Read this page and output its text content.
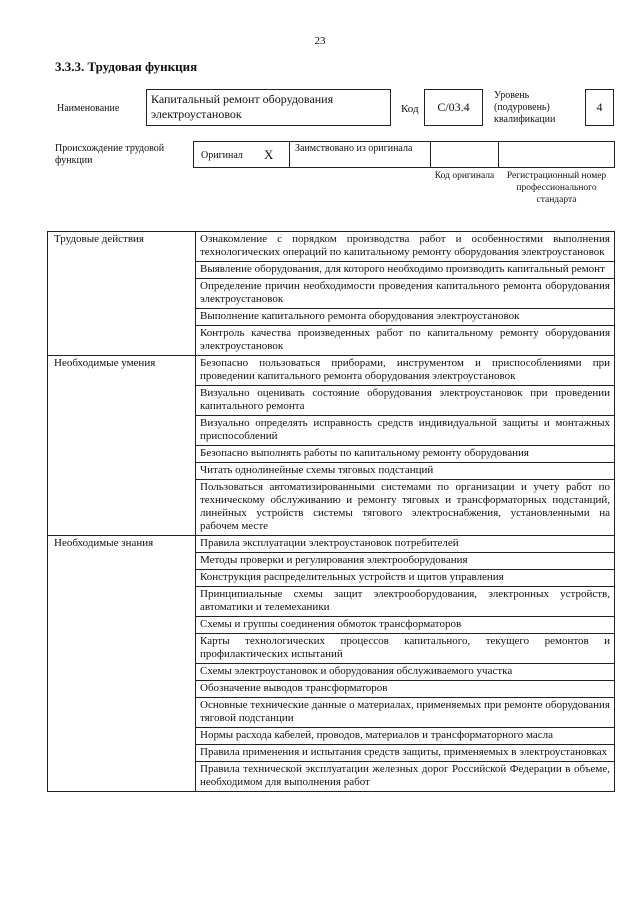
23
3.3.3. Трудовая функция
Наименование
Капитальный ремонт оборудования электроустановок	Код	С/03.4
Уровень (подуровень) квалификации
4
Происхождение трудовой функции	Оригинал X Заимствовано из оригинала
Код оригинала	Регистрационный номер профессионального стандарта
Трудовые действия	Ознакомление с порядком производства работ и особенностями выполнения технологических операций по капитальному ремонту оборудования электроустановок
	Выявление оборудования, для которого необходимо производить капитальный ремонт
	Определение причин необходимости проведения капитального ремонта оборудования электроустановок
	Выполнение капитального ремонта оборудования электроустановок
	Контроль качества произведенных работ по капитальному ремонту оборудования электроустановок
Необходимые умения	Безопасно пользоваться приборами, инструментом и приспособлениями при проведении капитального ремонта оборудования электроустановок
	Визуально оценивать состояние оборудования электроустановок при проведении капитального ремонта
	Визуально определять исправность средств индивидуальной защиты и монтажных приспособлений
	Безопасно выполнять работы по капитальному ремонту оборудования
	Читать однолинейные схемы тяговых подстанций
	Пользоваться автоматизированными системами по организации и учету работ по техническому обслуживанию и ремонту тяговых и трансформаторных подстанций, линейных устройств системы тягового электроснабжения, установленными на рабочем месте
Необходимые знания	Правила эксплуатации электроустановок потребителей
	Методы проверки и регулирования электрооборудования
	Конструкция распределительных устройств и щитов управления
	Принципиальные схемы защит электрооборудования, электронных устройств, автоматики и телемеханики
	Схемы и группы соединения обмоток трансформаторов
	Карты технологических процессов капитального, текущего ремонтов и профилактических испытаний
	Схемы электроустановок и оборудования обслуживаемого участка
	Обозначение выводов трансформаторов
	Основные технические данные о материалах, применяемых при ремонте оборудования тяговой подстанции
	Нормы расхода кабелей, проводов, материалов и трансформаторного масла
	Правила применения и испытания средств защиты, применяемых в электроустановках
	Правила технической эксплуатации железных дорог Российской Федерации в объеме, необходимом для выполнения работ
